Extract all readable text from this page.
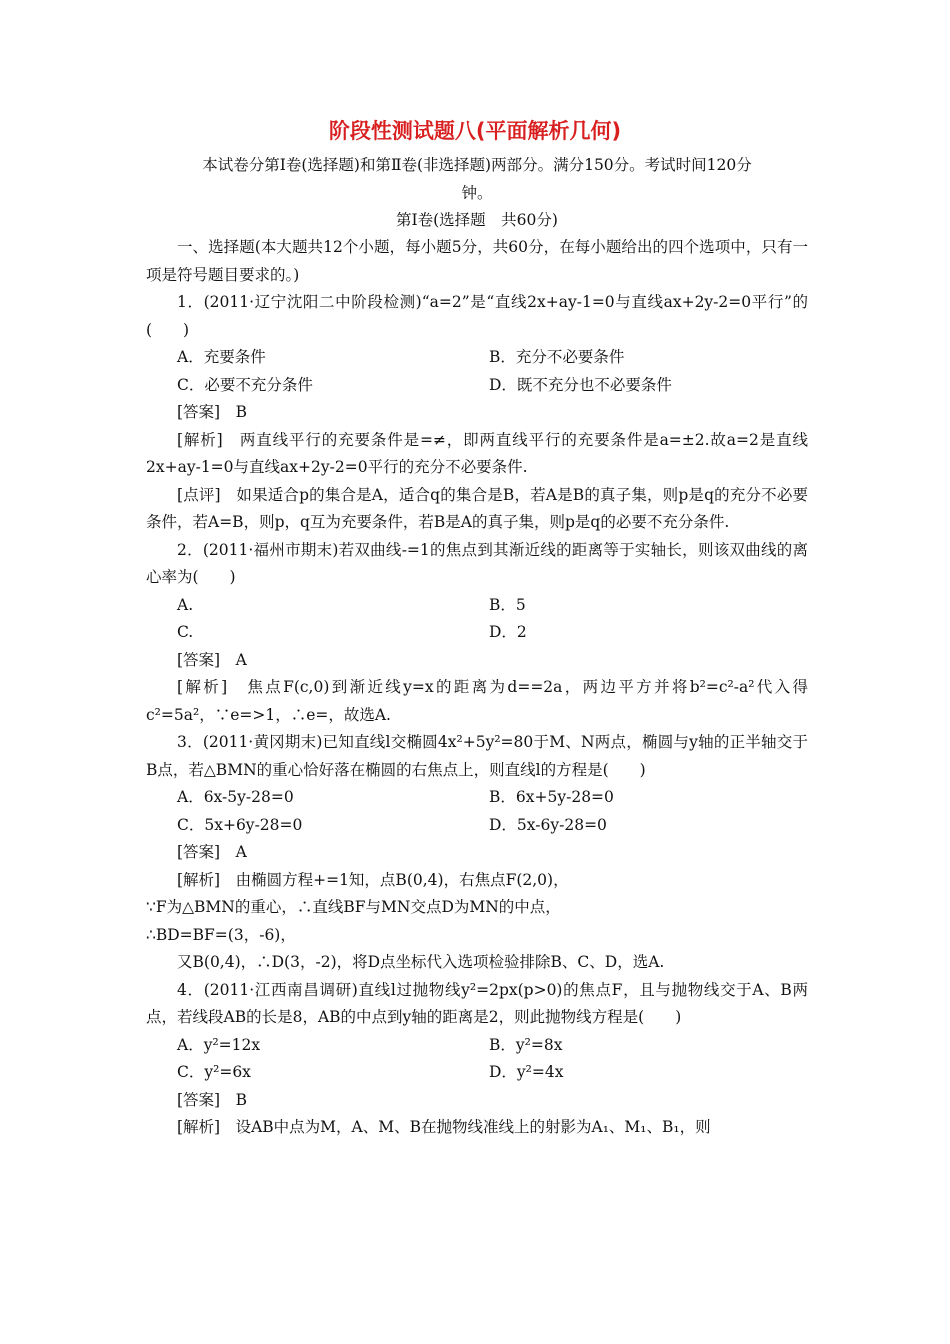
阶段性测试题八(平面解析几何)
本试卷分第Ⅰ卷(选择题)和第Ⅱ卷(非选择题)两部分。满分150分。考试时间120分
钟。
第Ⅰ卷(选择题　共60分)

一、选择题(本大题共12个小题，每小题5分，共60分，在每小题给出的四个选项中，只有一项是符号题目要求的。)

1．(2011·辽宁沈阳二中阶段检测)“a=2”是“直线2x+ay-1=0与直线ax+2y-2=0平行”的(　　)

A．充要条件	B．充分不必要条件
C．必要不充分条件	D．既不充分也不必要条件

[答案]　B

[解析]　两直线平行的充要条件是=≠，即两直线平行的充要条件是a=±2.故a=2是直线2x+ay-1=0与直线ax+2y-2=0平行的充分不必要条件.

[点评]　如果适合p的集合是A，适合q的集合是B，若A是B的真子集，则p是q的充分不必要条件，若A=B，则p，q互为充要条件，若B是A的真子集，则p是q的必要不充分条件.

2．(2011·福州市期末)若双曲线-=1的焦点到其渐近线的距离等于实轴长，则该双曲线的离心率为(　　)

A.	B．5
C.	D．2

[答案]　A

[解析]　焦点F(c,0)到渐近线y=x的距离为d==2a，两边平方并将b²=c²-a²代入得c²=5a²，∵e=>1，∴e=，故选A.

3．(2011·黄冈期末)已知直线l交椭圆4x²+5y²=80于M、N两点，椭圆与y轴的正半轴交于B点，若△BMN的重心恰好落在椭圆的右焦点上，则直线l的方程是(　　)

A．6x-5y-28=0	B．6x+5y-28=0
C．5x+6y-28=0	D．5x-6y-28=0

[答案]　A

[解析]　由椭圆方程+=1知，点B(0,4)，右焦点F(2,0)，

∵F为△BMN的重心，∴直线BF与MN交点D为MN的中点，

∴BD=BF=(3，-6)，

又B(0,4)，∴D(3，-2)，将D点坐标代入选项检验排除B、C、D，选A.

4．(2011·江西南昌调研)直线l过抛物线y²=2px(p>0)的焦点F，且与抛物线交于A、B两点，若线段AB的长是8，AB的中点到y轴的距离是2，则此抛物线方程是(　　)

A．y²=12x	B．y²=8x
C．y²=6x	D．y²=4x

[答案]　B

[解析]　设AB中点为M，A、M、B在抛物线准线上的射影为A₁、M₁、B₁，则
